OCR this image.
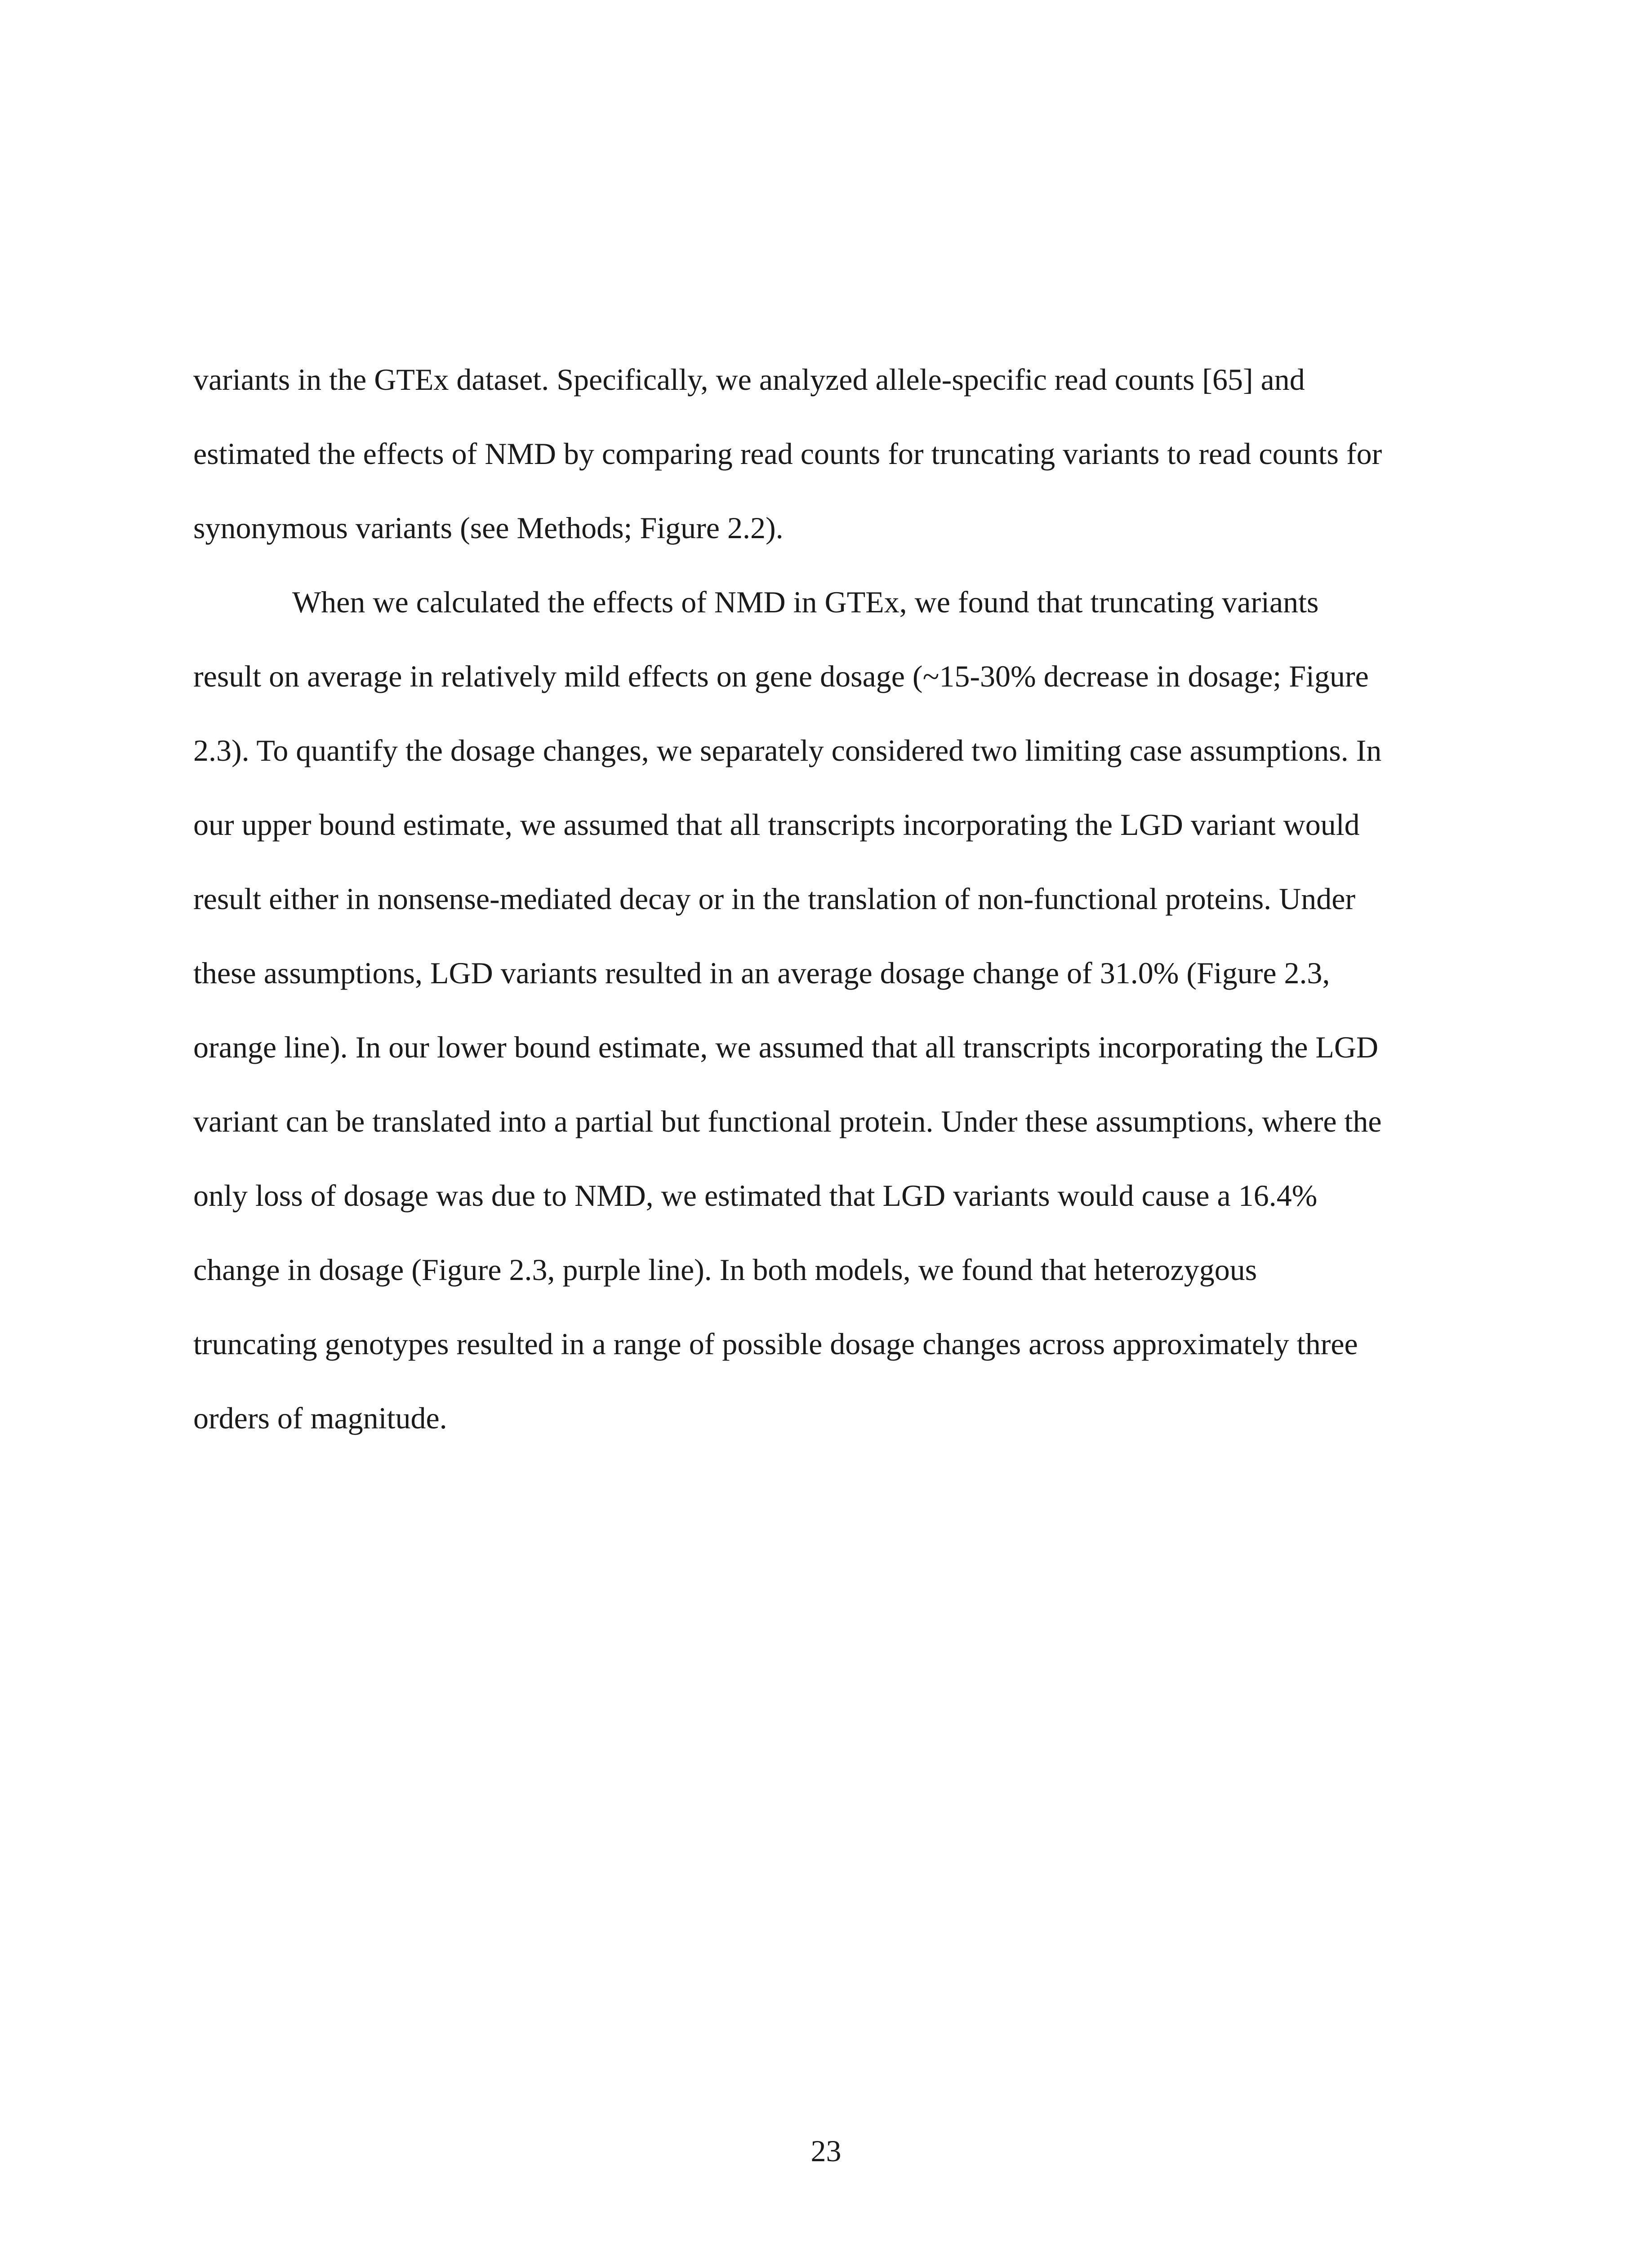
variants in the GTEx dataset. Specifically, we analyzed allele-specific read counts [65] and
estimated the effects of NMD by comparing read counts for truncating variants to read counts for
synonymous variants (see Methods; Figure 2.2).
When we calculated the effects of NMD in GTEx, we found that truncating variants
result on average in relatively mild effects on gene dosage (~15-30% decrease in dosage; Figure
2.3). To quantify the dosage changes, we separately considered two limiting case assumptions. In
our upper bound estimate, we assumed that all transcripts incorporating the LGD variant would
result either in nonsense-mediated decay or in the translation of non-functional proteins. Under
these assumptions, LGD variants resulted in an average dosage change of 31.0% (Figure 2.3,
orange line). In our lower bound estimate, we assumed that all transcripts incorporating the LGD
variant can be translated into a partial but functional protein. Under these assumptions, where the
only loss of dosage was due to NMD, we estimated that LGD variants would cause a 16.4%
change in dosage (Figure 2.3, purple line). In both models, we found that heterozygous
truncating genotypes resulted in a range of possible dosage changes across approximately three
orders of magnitude.
23
